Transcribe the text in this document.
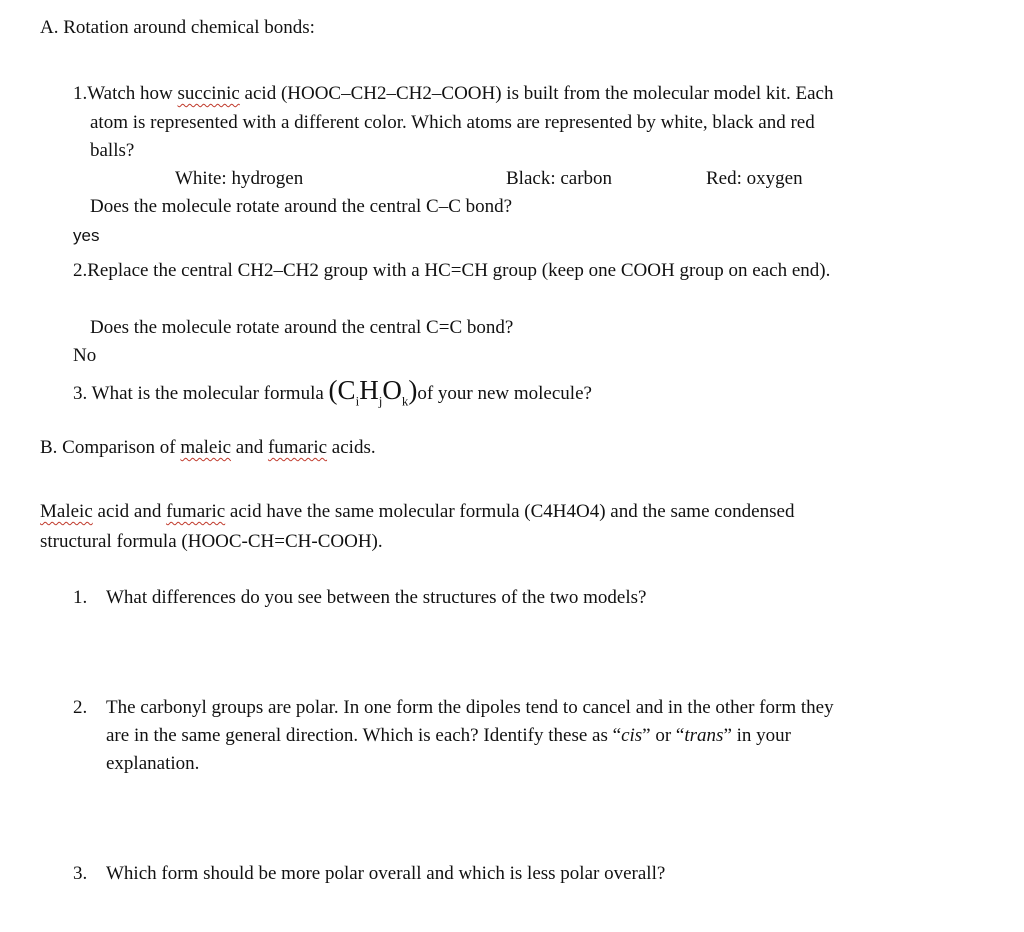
A. Rotation around chemical bonds:
1.Watch how succinic acid (HOOC–CH2–CH2–COOH) is built from the molecular model kit. Each
atom is represented with a different color. Which atoms are represented by white, black and red
balls?
White: hydrogen	Black: carbon	Red: oxygen
Does the molecule rotate around the central C–C bond?
yes
2.Replace the central CH2–CH2 group with a HC=CH group (keep one COOH group on each end).
Does the molecule rotate around the central C=C bond?
No
3. What is the molecular formula $(C_iH_jO_k)of$ your new molecule?
B. Comparison of maleic and fumaric acids.
Maleic acid and fumaric acid have the same molecular formula (C4H4O4) and the same condensed
structural formula (HOOC-CH=CH-COOH).
1. What differences do you see between the structures of the two models?
2. The carbonyl groups are polar. In one form the dipoles tend to cancel and in the other form they
are in the same general direction. Which is each? Identify these as “cis” or “trans” in your
explanation.
3. Which form should be more polar overall and which is less polar overall?
